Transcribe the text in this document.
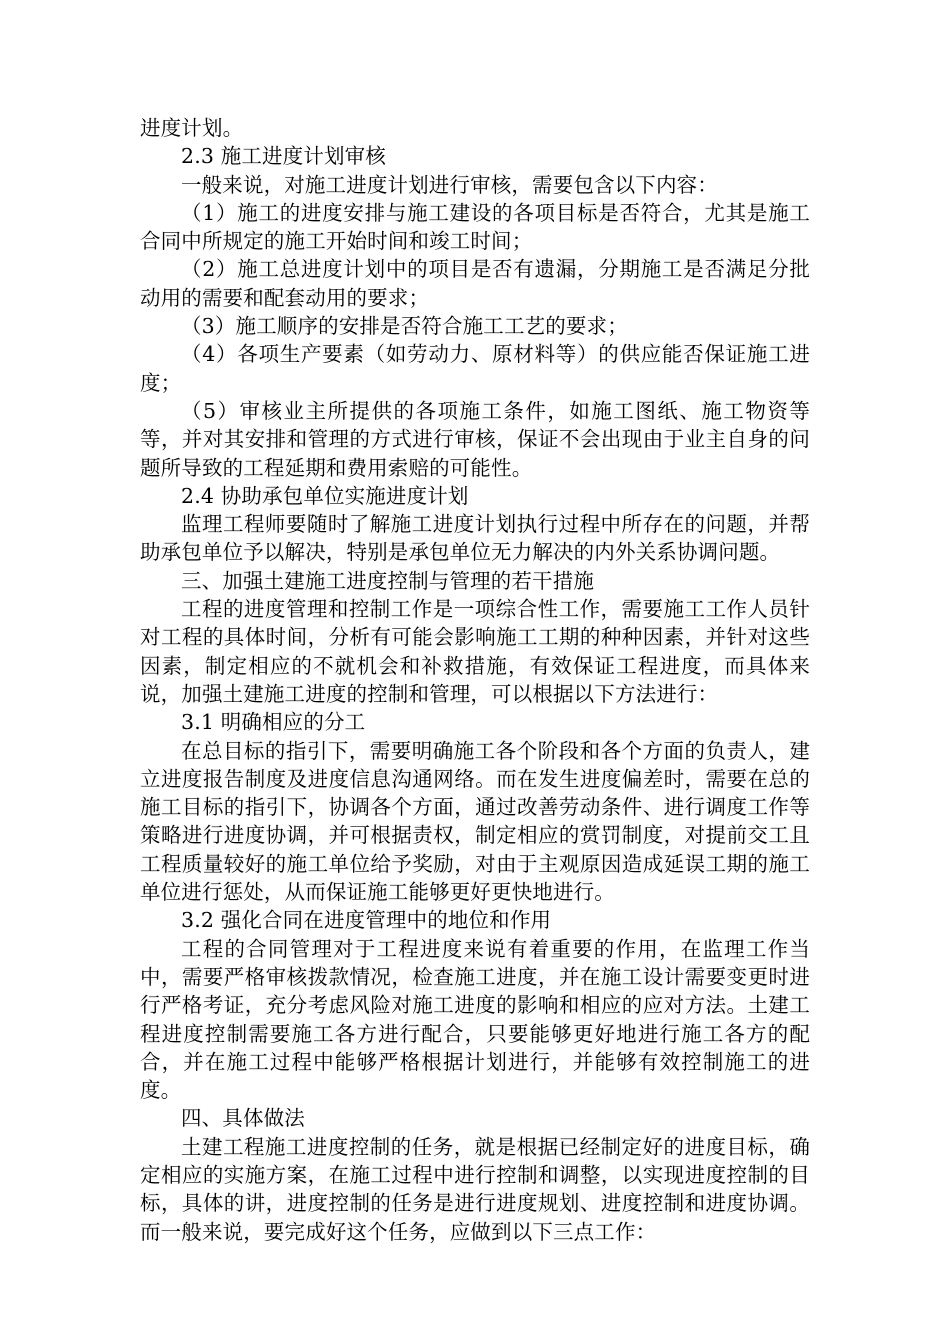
进度计划。

2.3 施工进度计划审核

一般来说，对施工进度计划进行审核，需要包含以下内容：

（1）施工的进度安排与施工建设的各项目标是否符合，尤其是施工合同中所规定的施工开始时间和竣工时间；

（2）施工总进度计划中的项目是否有遗漏，分期施工是否满足分批动用的需要和配套动用的要求；

（3）施工顺序的安排是否符合施工工艺的要求；

（4）各项生产要素（如劳动力、原材料等）的供应能否保证施工进度；

（5）审核业主所提供的各项施工条件，如施工图纸、施工物资等等，并对其安排和管理的方式进行审核，保证不会出现由于业主自身的问题所导致的工程延期和费用索赔的可能性。

2.4 协助承包单位实施进度计划

监理工程师要随时了解施工进度计划执行过程中所存在的问题，并帮助承包单位予以解决，特别是承包单位无力解决的内外关系协调问题。

三、加强土建施工进度控制与管理的若干措施

工程的进度管理和控制工作是一项综合性工作，需要施工工作人员针对工程的具体时间，分析有可能会影响施工工期的种种因素，并针对这些因素，制定相应的不就机会和补救措施，有效保证工程进度，而具体来说，加强土建施工进度的控制和管理，可以根据以下方法进行：

3.1 明确相应的分工

在总目标的指引下，需要明确施工各个阶段和各个方面的负责人，建立进度报告制度及进度信息沟通网络。而在发生进度偏差时，需要在总的施工目标的指引下，协调各个方面，通过改善劳动条件、进行调度工作等策略进行进度协调，并可根据责权，制定相应的赏罚制度，对提前交工且工程质量较好的施工单位给予奖励，对由于主观原因造成延误工期的施工单位进行惩处，从而保证施工能够更好更快地进行。

3.2 强化合同在进度管理中的地位和作用

工程的合同管理对于工程进度来说有着重要的作用，在监理工作当中，需要严格审核拨款情况，检查施工进度，并在施工设计需要变更时进行严格考证，充分考虑风险对施工进度的影响和相应的应对方法。土建工程进度控制需要施工各方进行配合，只要能够更好地进行施工各方的配合，并在施工过程中能够严格根据计划进行，并能够有效控制施工的进度。

四、具体做法

土建工程施工进度控制的任务，就是根据已经制定好的进度目标，确定相应的实施方案，在施工过程中进行控制和调整，以实现进度控制的目标，具体的讲，进度控制的任务是进行进度规划、进度控制和进度协调。而一般来说，要完成好这个任务，应做到以下三点工作：
